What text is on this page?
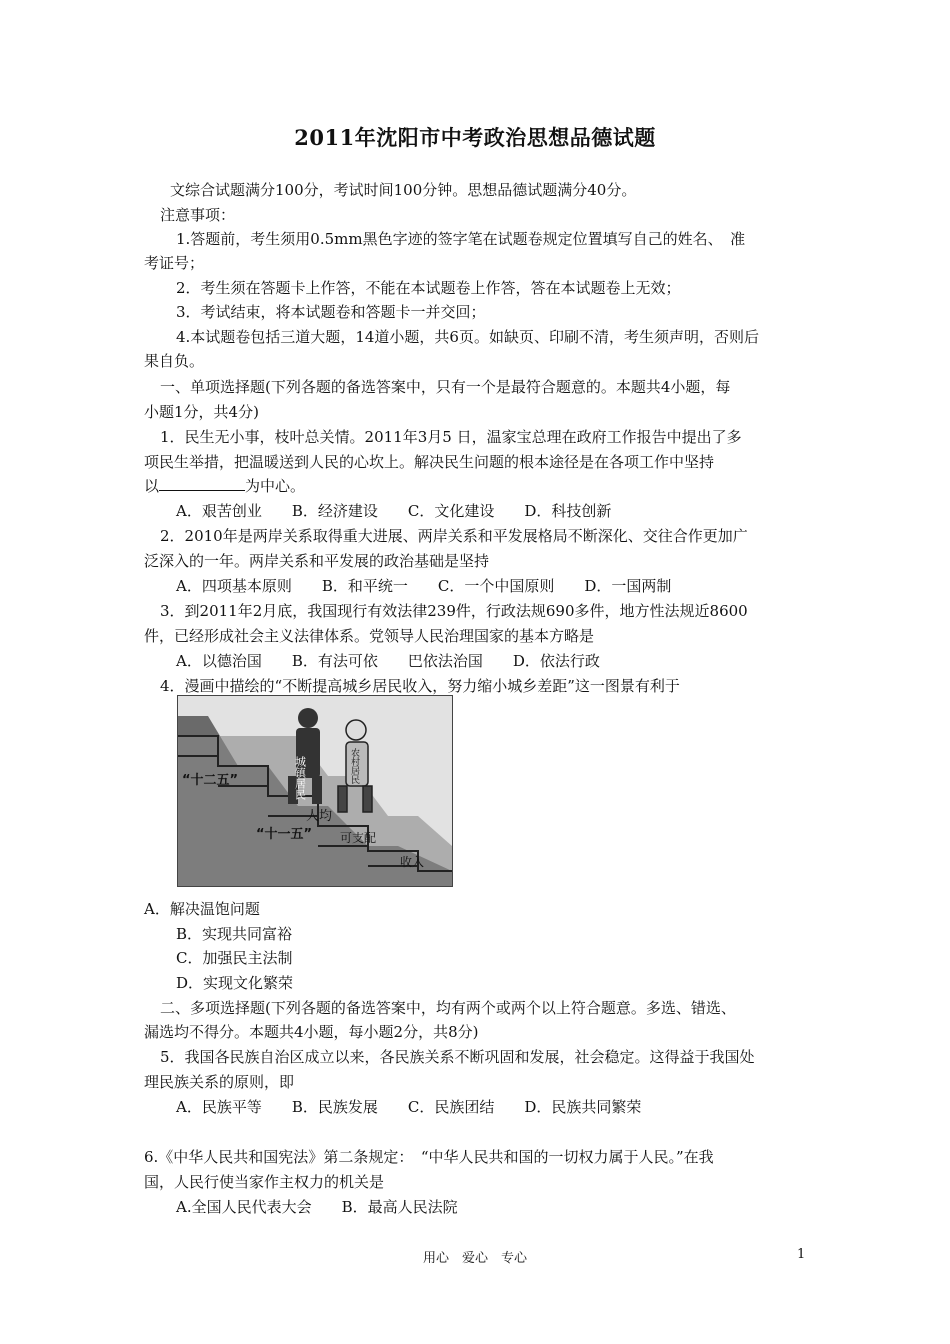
2011年沈阳市中考政治思想品德试题
文综合试题满分100分，考试时间100分钟。思想品德试题满分40分。
注意事项：
1.答题前，考生须用0.5mm黑色字迹的签字笔在试题卷规定位置填写自己的姓名、　准
考证号；
2．考生须在答题卡上作答，不能在本试题卷上作答，答在本试题卷上无效；
3．考试结束，将本试题卷和答题卡一并交回；
4.本试题卷包括三道大题，14道小题，共6页。如缺页、印刷不清，考生须声明，否则后
果自负。
一、单项选择题(下列各题的备选答案中，只有一个是最符合题意的。本题共4小题，每
小题1分，共4分)
1．民生无小事，枝叶总关情。2011年3月5 日，温家宝总理在政府工作报告中提出了多
项民生举措，把温暖送到人民的心坎上。解决民生问题的根本途径是在各项工作中坚持
以	为中心。
A．艰苦创业 B．经济建设 C．文化建设 D．科技创新
2．2010年是两岸关系取得重大进展、两岸关系和平发展格局不断深化、交往合作更加广
泛深入的一年。两岸关系和平发展的政治基础是坚持
A．四项基本原则 B．和平统一 C．一个中国原则 D．一国两制
3．到2011年2月底，我国现行有效法律239件，行政法规690多件，地方性法规近8600
件，已经形成社会主义法律体系。党领导人民治理国家的基本方略是
A．以德治国 B．有法可依 巴依法治国 D．依法行政
4．漫画中描绘的“不断提高城乡居民收入，努力缩小城乡差距”这一图景有利于
城镇居民	农村居民
“十二五”
“十一五”
人均
可支配
收入
A．解决温饱问题
B．实现共同富裕
C．加强民主法制
D．实现文化繁荣
二、多项选择题(下列各题的备选答案中，均有两个或两个以上符合题意。多选、错选、
漏选均不得分。本题共4小题，每小题2分，共8分)
5．我国各民族自治区成立以来，各民族关系不断巩固和发展，社会稳定。这得益于我国处
理民族关系的原则，即
A．民族平等 B．民族发展 C．民族团结 D．民族共同繁荣
6.《中华人民共和国宪法》第二条规定：　“中华人民共和国的一切权力属于人民。”在我
国，人民行使当家作主权力的机关是
A.全国人民代表大会 B．最高人民法院
用心　爱心　专心	1
